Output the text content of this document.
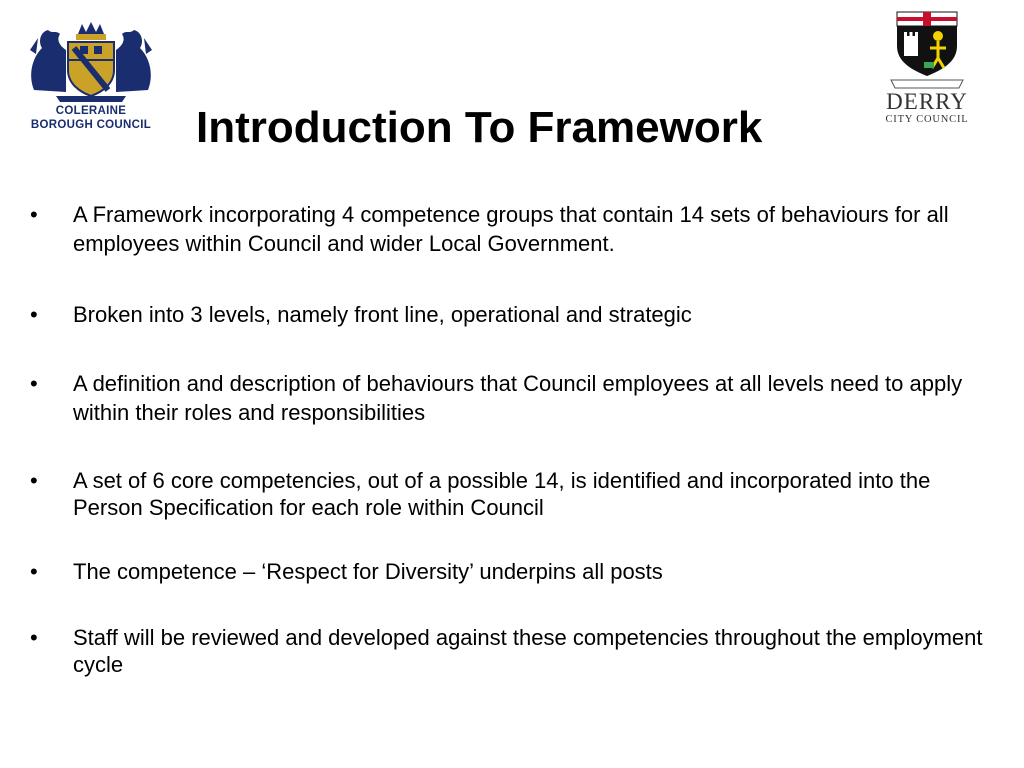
COLERAINE
BOROUGH COUNCIL
DERRY
CITY COUNCIL
Introduction To Framework
•	A Framework incorporating 4 competence groups that contain 14 sets of behaviours for all employees within Council and wider Local Government.
•	Broken into 3 levels, namely front line, operational and strategic
•	A definition and description of behaviours that Council employees at all levels need to apply within their roles and responsibilities
•	A set of 6 core competencies, out of a possible 14, is identified and incorporated into the Person Specification for each role within Council
•	The competence – ‘Respect for Diversity’ underpins all posts
•	Staff will be reviewed and developed against these competencies throughout the employment cycle
